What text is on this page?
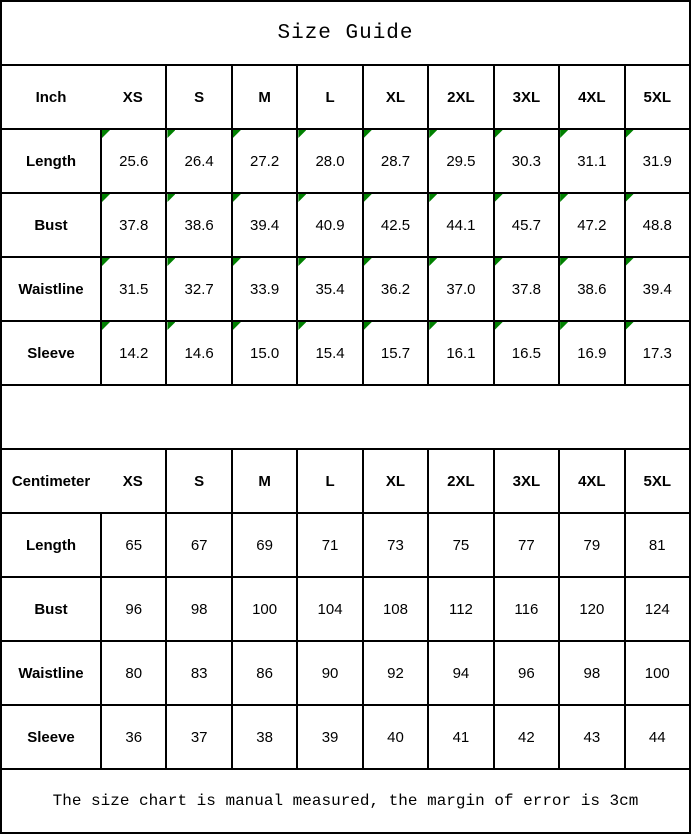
Size Guide
Inch	XS	S	M	L	XL	2XL	3XL	4XL	5XL
Length	25.6 26.4 27.2 28.0 28.7 29.5 30.3 31.1 31.9
Bust	37.8 38.6 39.4 40.9 42.5 44.1 45.7 47.2 48.8
Waistline	31.5 32.7 33.9 35.4 36.2 37.0 37.8 38.6 39.4
Sleeve	14.2 14.6 15.0 15.4 15.7 16.1 16.5 16.9 17.3
Centimeter	XS	S	M	L	XL	2XL	3XL	4XL	5XL
Length	65	67	69	71	73	75	77	79	81
Bust	96	98	100	104	108	112	116	120	124
Waistline	80	83	86	90	92	94	96	98	100
Sleeve	36	37	38	39	40	41	42	43	44
The size chart is manual measured, the margin of error is 3cm
